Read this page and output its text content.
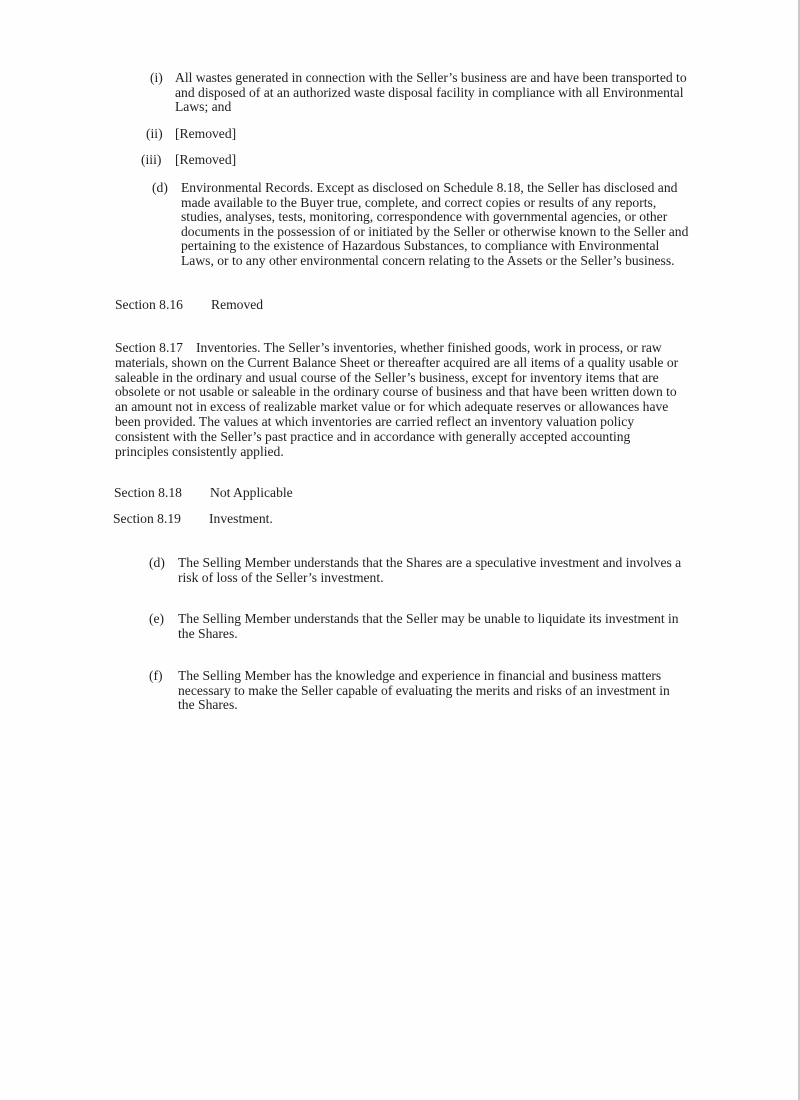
(i) All wastes generated in connection with the Seller’s business are and have been transported to and disposed of at an authorized waste disposal facility in compliance with all Environmental Laws; and
(ii) [Removed]
(iii) [Removed]
(d) Environmental Records. Except as disclosed on Schedule 8.18, the Seller has disclosed and made available to the Buyer true, complete, and correct copies or results of any reports, studies, analyses, tests, monitoring, correspondence with governmental agencies, or other documents in the possession of or initiated by the Seller or otherwise known to the Seller and pertaining to the existence of Hazardous Substances, to compliance with Environmental Laws, or to any other environmental concern relating to the Assets or the Seller’s business.
Section 8.16 Removed
Section 8.17 Inventories. The Seller’s inventories, whether finished goods, work in process, or raw materials, shown on the Current Balance Sheet or thereafter acquired are all items of a quality usable or saleable in the ordinary and usual course of the Seller’s business, except for inventory items that are obsolete or not usable or saleable in the ordinary course of business and that have been written down to an amount not in excess of realizable market value or for which adequate reserves or allowances have been provided. The values at which inventories are carried reflect an inventory valuation policy consistent with the Seller’s past practice and in accordance with generally accepted accounting principles consistently applied.
Section 8.18 Not Applicable
Section 8.19 Investment.
(d) The Selling Member understands that the Shares are a speculative investment and involves a risk of loss of the Seller’s investment.
(e) The Selling Member understands that the Seller may be unable to liquidate its investment in the Shares.
(f) The Selling Member has the knowledge and experience in financial and business matters necessary to make the Seller capable of evaluating the merits and risks of an investment in the Shares.
